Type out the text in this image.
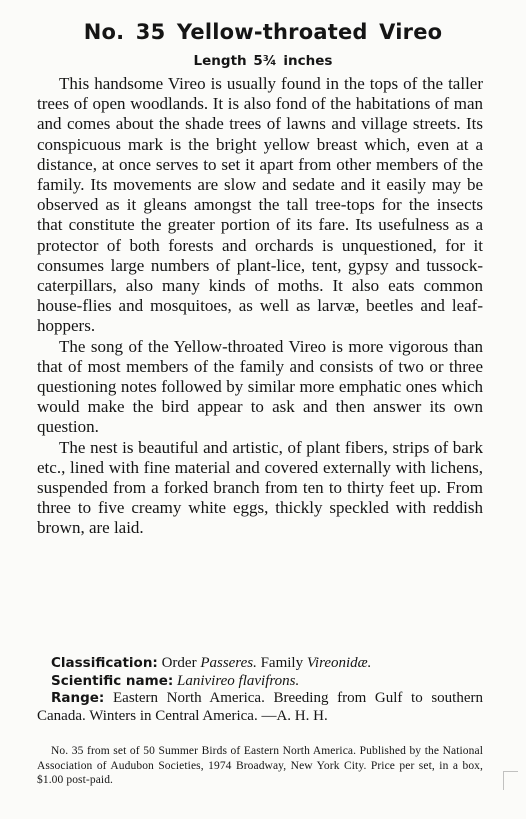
No. 35 Yellow-throated Vireo
Length 5¾ inches

This handsome Vireo is usually found in the tops of the taller trees of open woodlands. It is also fond of the habitations of man and comes about the shade trees of lawns and village streets. Its conspicuous mark is the bright yellow breast which, even at a distance, at once serves to set it apart from other members of the family. Its movements are slow and sedate and it easily may be observed as it gleans amongst the tall tree-tops for the insects that constitute the greater portion of its fare. Its usefulness as a protector of both forests and orchards is unquestioned, for it consumes large numbers of plant-lice, tent, gypsy and tussock-caterpillars, also many kinds of moths. It also eats common house-flies and mosquitoes, as well as larvæ, beetles and leaf-hoppers.

The song of the Yellow-throated Vireo is more vigorous than that of most members of the family and consists of two or three questioning notes followed by similar more emphatic ones which would make the bird appear to ask and then answer its own question.

The nest is beautiful and artistic, of plant fibers, strips of bark etc., lined with fine material and covered externally with lichens, suspended from a forked branch from ten to thirty feet up. From three to five creamy white eggs, thickly speckled with reddish brown, are laid.

Classification: Order Passeres. Family Vireonidæ.
Scientific name: Lanivireo flavifrons.
Range: Eastern North America. Breeding from Gulf to southern Canada. Winters in Central America. —A. H. H.

No. 35 from set of 50 Summer Birds of Eastern North America. Published by the National Association of Audubon Societies, 1974 Broadway, New York City. Price per set, in a box, $1.00 post-paid.
